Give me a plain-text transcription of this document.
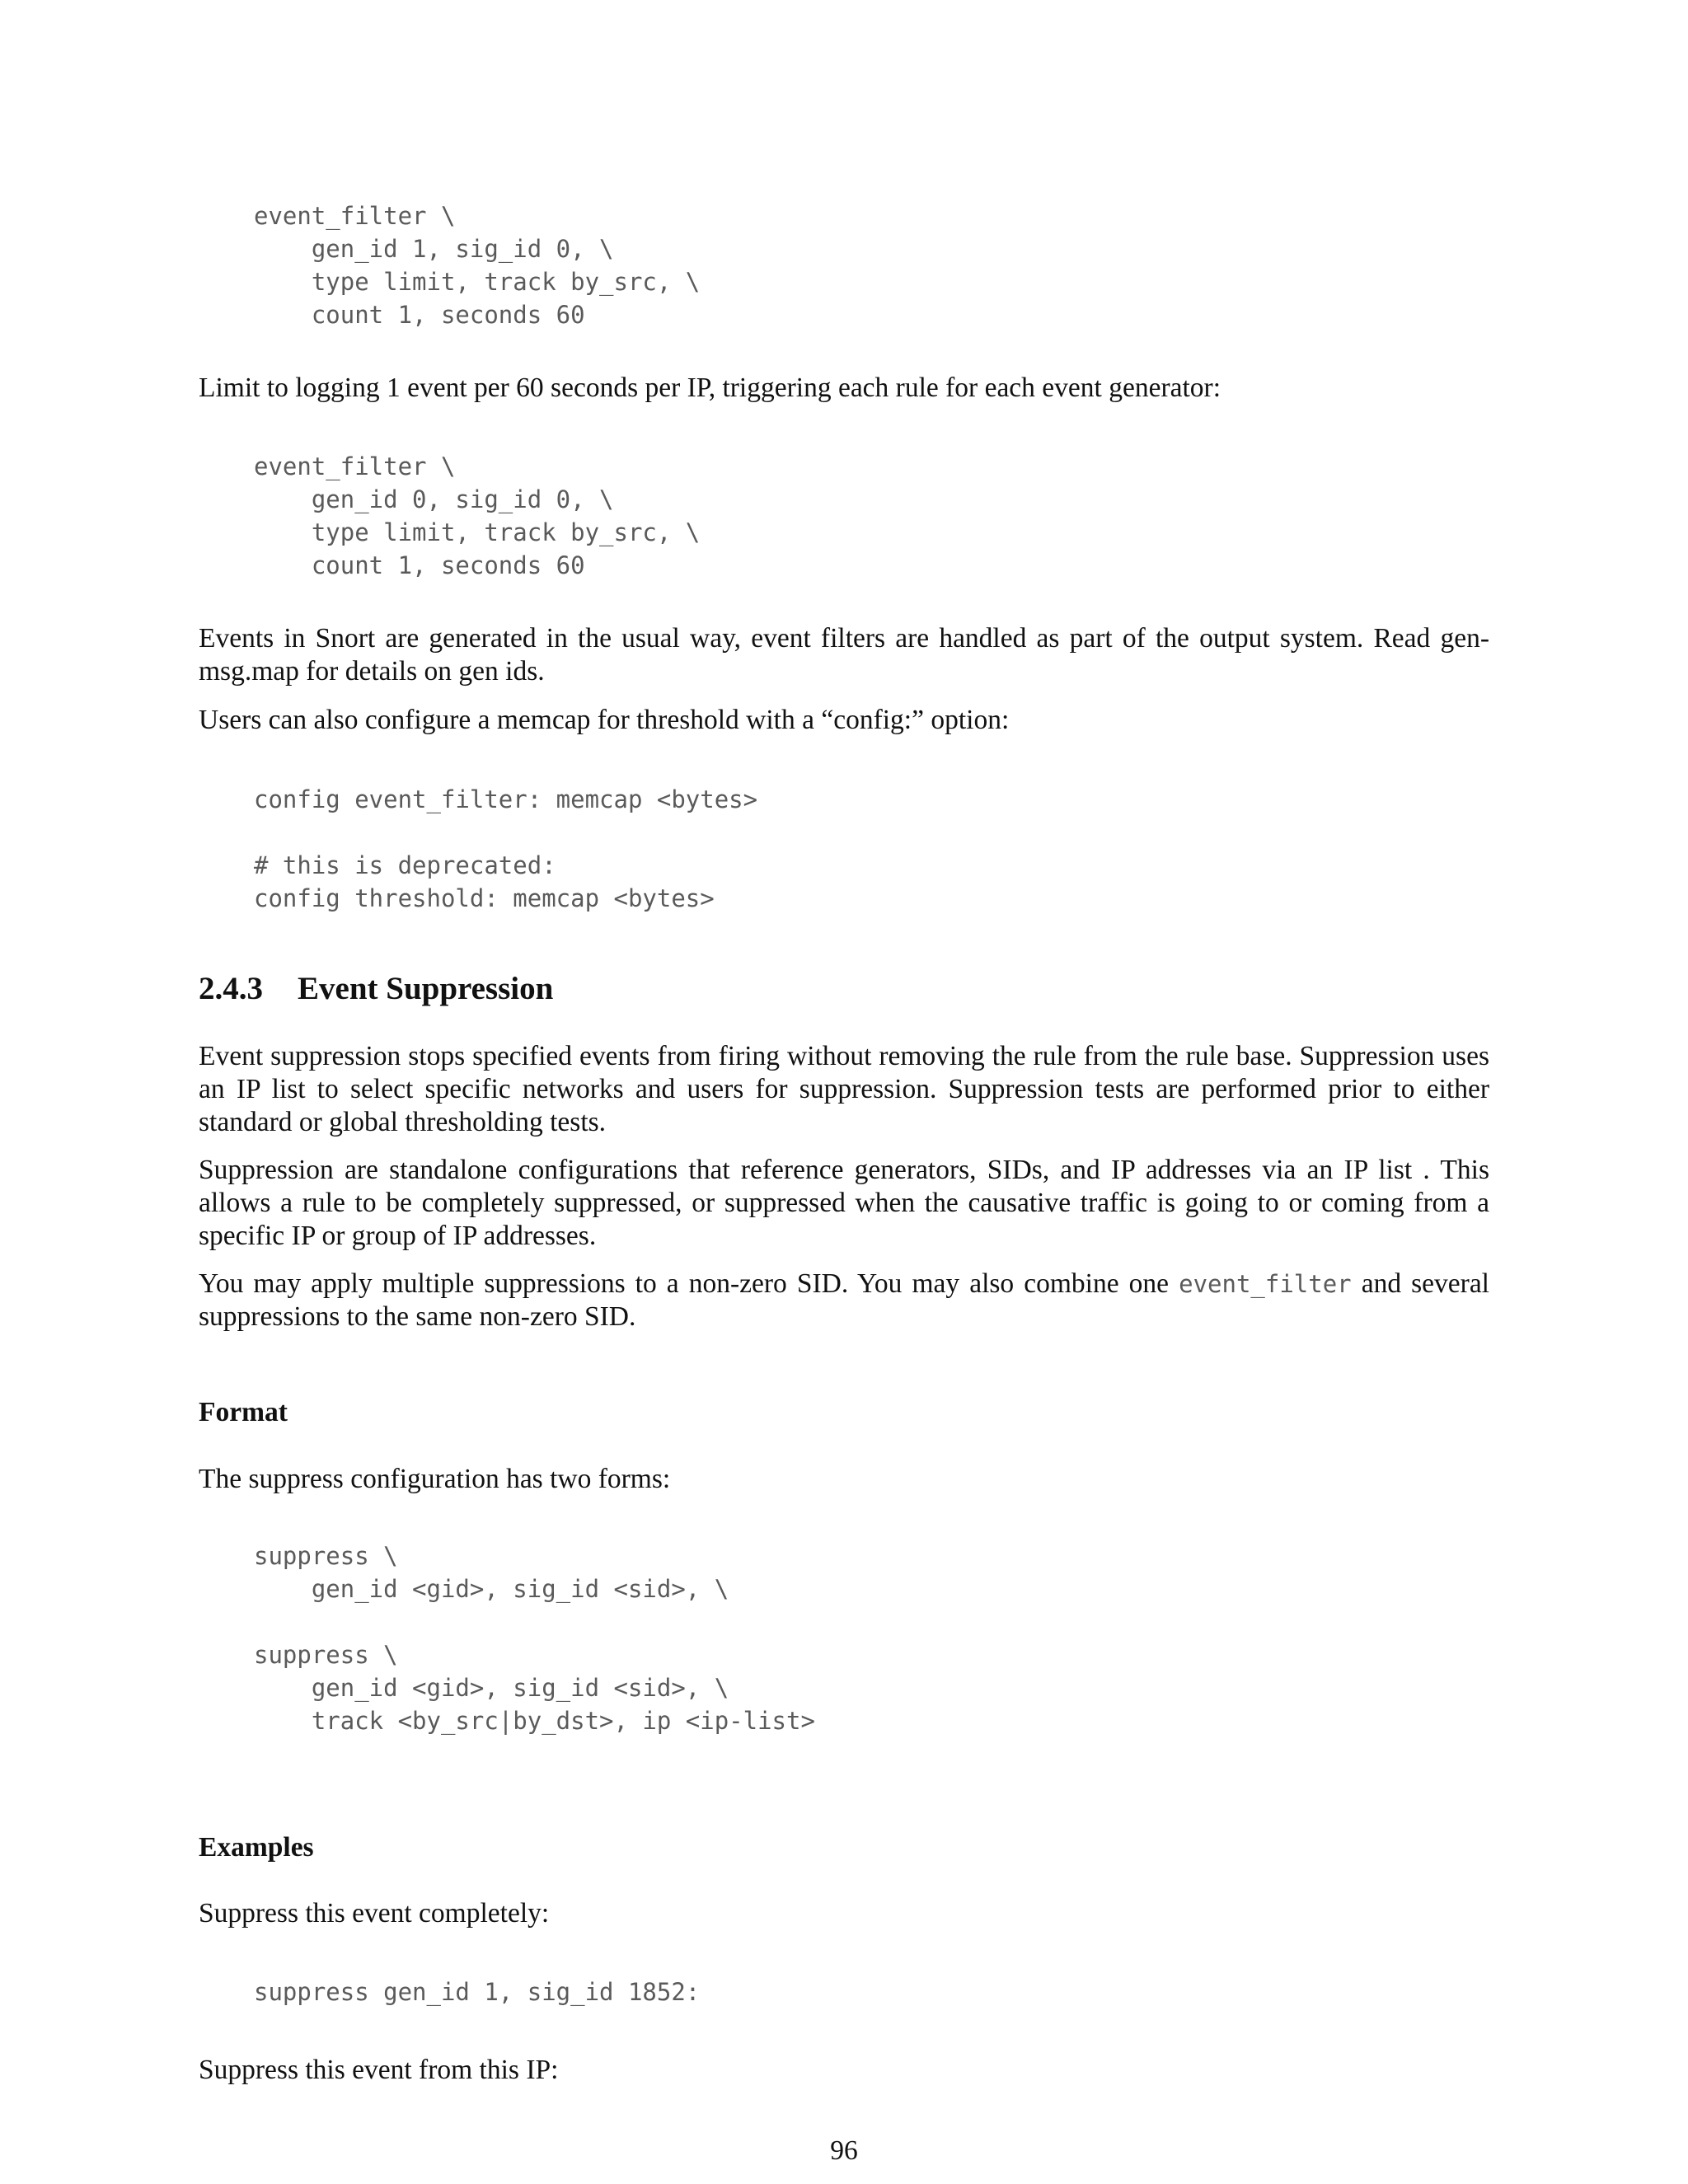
event_filter \
gen_id 1, sig_id 0, \
type limit, track by_src, \
count 1, seconds 60

Limit to logging 1 event per 60 seconds per IP, triggering each rule for each event generator:

event_filter \
gen_id 0, sig_id 0, \
type limit, track by_src, \
count 1, seconds 60

Events in Snort are generated in the usual way, event filters are handled as part of the output system. Read gen-msg.map for details on gen ids.

Users can also configure a memcap for threshold with a “config:” option:

config event_filter: memcap <bytes>

# this is deprecated:
config threshold: memcap <bytes>
2.4.3 Event Suppression

Event suppression stops specified events from firing without removing the rule from the rule base. Suppression uses an IP list to select specific networks and users for suppression. Suppression tests are performed prior to either standard or global thresholding tests.

Suppression are standalone configurations that reference generators, SIDs, and IP addresses via an IP list . This allows a rule to be completely suppressed, or suppressed when the causative traffic is going to or coming from a specific IP or group of IP addresses.

You may apply multiple suppressions to a non-zero SID. You may also combine one event_filter and several suppressions to the same non-zero SID.

Format

The suppress configuration has two forms:

suppress \
gen_id <gid>, sig_id <sid>, \

suppress \
gen_id <gid>, sig_id <sid>, \
track <by_src|by_dst>, ip <ip-list>
Examples

Suppress this event completely:

suppress gen_id 1, sig_id 1852:

Suppress this event from this IP:

96
